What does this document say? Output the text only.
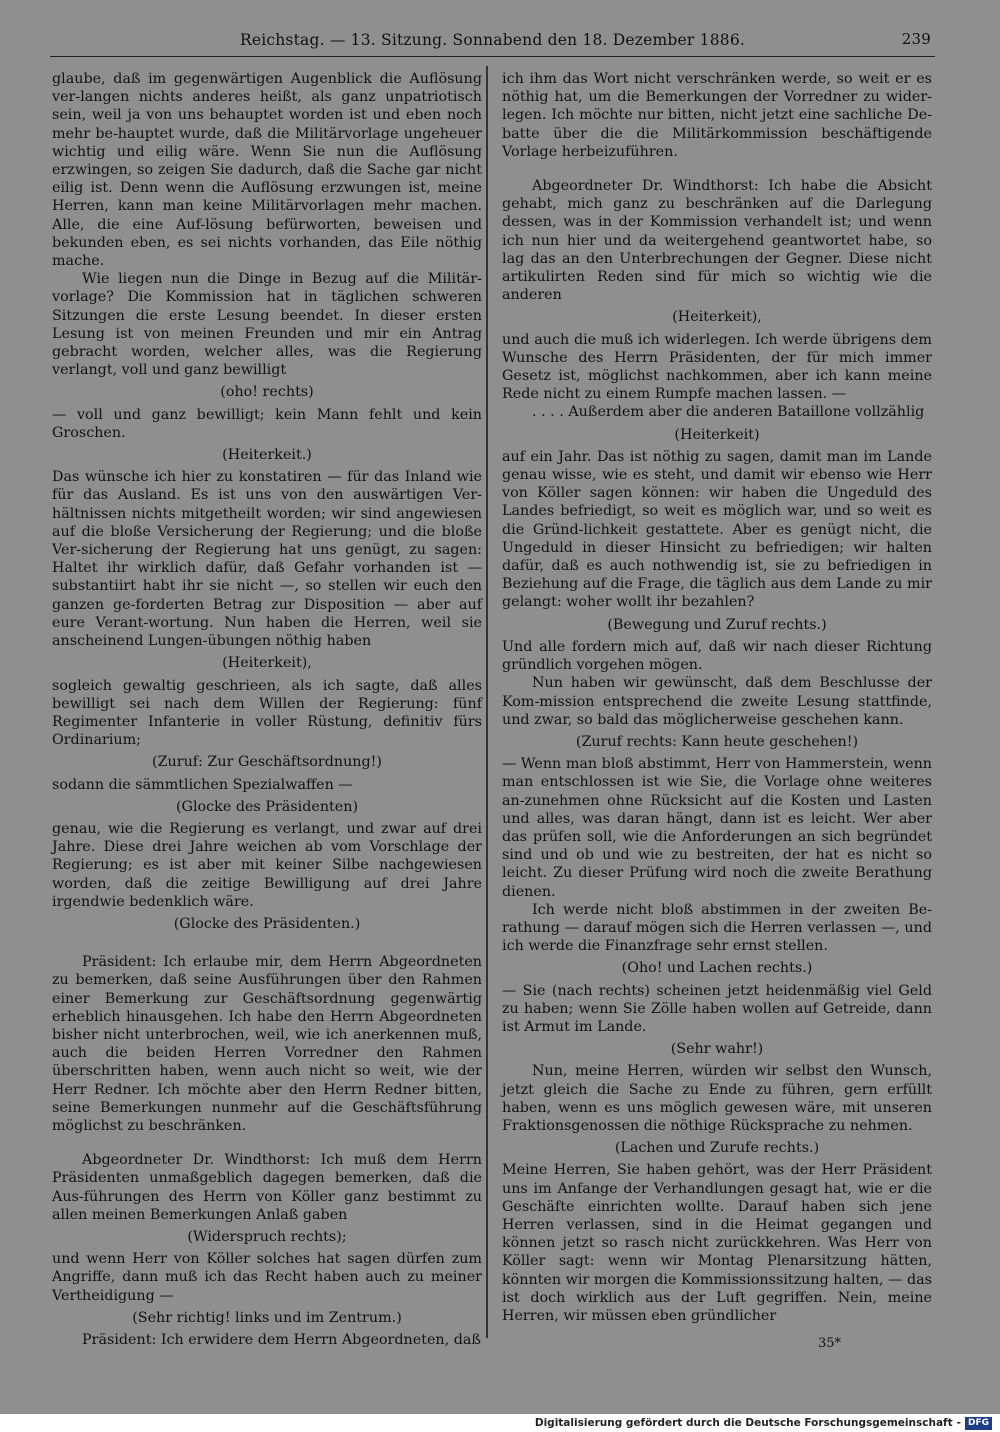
Reichstag. — 13. Sitzung. Sonnabend den 18. Dezember 1886.	239

glaube, daß im gegenwärtigen Augenblick die Auflösung ver-langen nichts anderes heißt, als ganz unpatriotisch sein, weil ja von uns behauptet worden ist und eben noch mehr be-hauptet wurde, daß die Militärvorlage ungeheuer wichtig und eilig wäre. Wenn Sie nun die Auflösung erzwingen, so zeigen Sie dadurch, daß die Sache gar nicht eilig ist. Denn wenn die Auflösung erzwungen ist, meine Herren, kann man keine Militärvorlagen mehr machen. Alle, die eine Auf-lösung befürworten, beweisen und bekunden eben, es sei nichts vorhanden, das Eile nöthig mache.

Wie liegen nun die Dinge in Bezug auf die Militär-vorlage? Die Kommission hat in täglichen schweren Sitzungen die erste Lesung beendet. In dieser ersten Lesung ist von meinen Freunden und mir ein Antrag gebracht worden, welcher alles, was die Regierung verlangt, voll und ganz bewilligt

(oho! rechts)

— voll und ganz bewilligt; kein Mann fehlt und kein Groschen.

(Heiterkeit.)

Das wünsche ich hier zu konstatiren — für das Inland wie für das Ausland. Es ist uns von den auswärtigen Ver-hältnissen nichts mitgetheilt worden; wir sind angewiesen auf die bloße Versicherung der Regierung; und die bloße Ver-sicherung der Regierung hat uns genügt, zu sagen: Haltet ihr wirklich dafür, daß Gefahr vorhanden ist — substantiirt habt ihr sie nicht —, so stellen wir euch den ganzen ge-forderten Betrag zur Disposition — aber auf eure Verant-wortung. Nun haben die Herren, weil sie anscheinend Lungen-übungen nöthig haben

(Heiterkeit),

sogleich gewaltig geschrieen, als ich sagte, daß alles bewilligt sei nach dem Willen der Regierung: fünf Regimenter Infanterie in voller Rüstung, definitiv fürs Ordinarium;

(Zuruf: Zur Geschäftsordnung!)

sodann die sämmtlichen Spezialwaffen —

(Glocke des Präsidenten)

genau, wie die Regierung es verlangt, und zwar auf drei Jahre. Diese drei Jahre weichen ab vom Vorschlage der Regierung; es ist aber mit keiner Silbe nachgewiesen worden, daß die zeitige Bewilligung auf drei Jahre irgendwie bedenklich wäre.

(Glocke des Präsidenten.)

Präsident: Ich erlaube mir, dem Herrn Abgeordneten zu bemerken, daß seine Ausführungen über den Rahmen einer Bemerkung zur Geschäftsordnung gegenwärtig erheblich hinausgehen. Ich habe den Herrn Abgeordneten bisher nicht unterbrochen, weil, wie ich anerkennen muß, auch die beiden Herren Vorredner den Rahmen überschritten haben, wenn auch nicht so weit, wie der Herr Redner. Ich möchte aber den Herrn Redner bitten, seine Bemerkungen nunmehr auf die Geschäftsführung möglichst zu beschränken.

Abgeordneter Dr. Windthorst: Ich muß dem Herrn Präsidenten unmaßgeblich dagegen bemerken, daß die Aus-führungen des Herrn von Köller ganz bestimmt zu allen meinen Bemerkungen Anlaß gaben

(Widerspruch rechts);

und wenn Herr von Köller solches hat sagen dürfen zum Angriffe, dann muß ich das Recht haben auch zu meiner Vertheidigung —

(Sehr richtig! links und im Zentrum.)

Präsident: Ich erwidere dem Herrn Abgeordneten, daß

ich ihm das Wort nicht verschränken werde, so weit er es nöthig hat, um die Bemerkungen der Vorredner zu wider-legen. Ich möchte nur bitten, nicht jetzt eine sachliche De-batte über die die Militärkommission beschäftigende Vorlage herbeizuführen.

Abgeordneter Dr. Windthorst: Ich habe die Absicht gehabt, mich ganz zu beschränken auf die Darlegung dessen, was in der Kommission verhandelt ist; und wenn ich nun hier und da weitergehend geantwortet habe, so lag das an den Unterbrechungen der Gegner. Diese nicht artikulirten Reden sind für mich so wichtig wie die anderen

(Heiterkeit),

und auch die muß ich widerlegen. Ich werde übrigens dem Wunsche des Herrn Präsidenten, der für mich immer Gesetz ist, möglichst nachkommen, aber ich kann meine Rede nicht zu einem Rumpfe machen lassen. —

. . . . Außerdem aber die anderen Bataillone vollzählig

(Heiterkeit)

auf ein Jahr. Das ist nöthig zu sagen, damit man im Lande genau wisse, wie es steht, und damit wir ebenso wie Herr von Köller sagen können: wir haben die Ungeduld des Landes befriedigt, so weit es möglich war, und so weit es die Gründ-lichkeit gestattete. Aber es genügt nicht, die Ungeduld in dieser Hinsicht zu befriedigen; wir halten dafür, daß es auch nothwendig ist, sie zu befriedigen in Beziehung auf die Frage, die täglich aus dem Lande zu mir gelangt: woher wollt ihr bezahlen?

(Bewegung und Zuruf rechts.)

Und alle fordern mich auf, daß wir nach dieser Richtung gründlich vorgehen mögen.

Nun haben wir gewünscht, daß dem Beschlusse der Kom-mission entsprechend die zweite Lesung stattfinde, und zwar, so bald das möglicherweise geschehen kann.

(Zuruf rechts: Kann heute geschehen!)

— Wenn man bloß abstimmt, Herr von Hammerstein, wenn man entschlossen ist wie Sie, die Vorlage ohne weiteres an-zunehmen ohne Rücksicht auf die Kosten und Lasten und alles, was daran hängt, dann ist es leicht. Wer aber das prüfen soll, wie die Anforderungen an sich begründet sind und ob und wie zu bestreiten, der hat es nicht so leicht. Zu dieser Prüfung wird noch die zweite Berathung dienen.

Ich werde nicht bloß abstimmen in der zweiten Be-rathung — darauf mögen sich die Herren verlassen —, und ich werde die Finanzfrage sehr ernst stellen.

(Oho! und Lachen rechts.)

— Sie (nach rechts) scheinen jetzt heidenmäßig viel Geld zu haben; wenn Sie Zölle haben wollen auf Getreide, dann ist Armut im Lande.

(Sehr wahr!)

Nun, meine Herren, würden wir selbst den Wunsch, jetzt gleich die Sache zu Ende zu führen, gern erfüllt haben, wenn es uns möglich gewesen wäre, mit unseren Fraktionsgenossen die nöthige Rücksprache zu nehmen.

(Lachen und Zurufe rechts.)

Meine Herren, Sie haben gehört, was der Herr Präsident uns im Anfange der Verhandlungen gesagt hat, wie er die Geschäfte einrichten wollte. Darauf haben sich jene Herren verlassen, sind in die Heimat gegangen und können jetzt so rasch nicht zurückkehren. Was Herr von Köller sagt: wenn wir Montag Plenarsitzung hätten, könnten wir morgen die Kommissionssitzung halten, — das ist doch wirklich aus der Luft gegriffen. Nein, meine Herren, wir müssen eben gründlicher

35*
Digitalisierung gefördert durch die Deutsche Forschungsgemeinschaft - DFG
